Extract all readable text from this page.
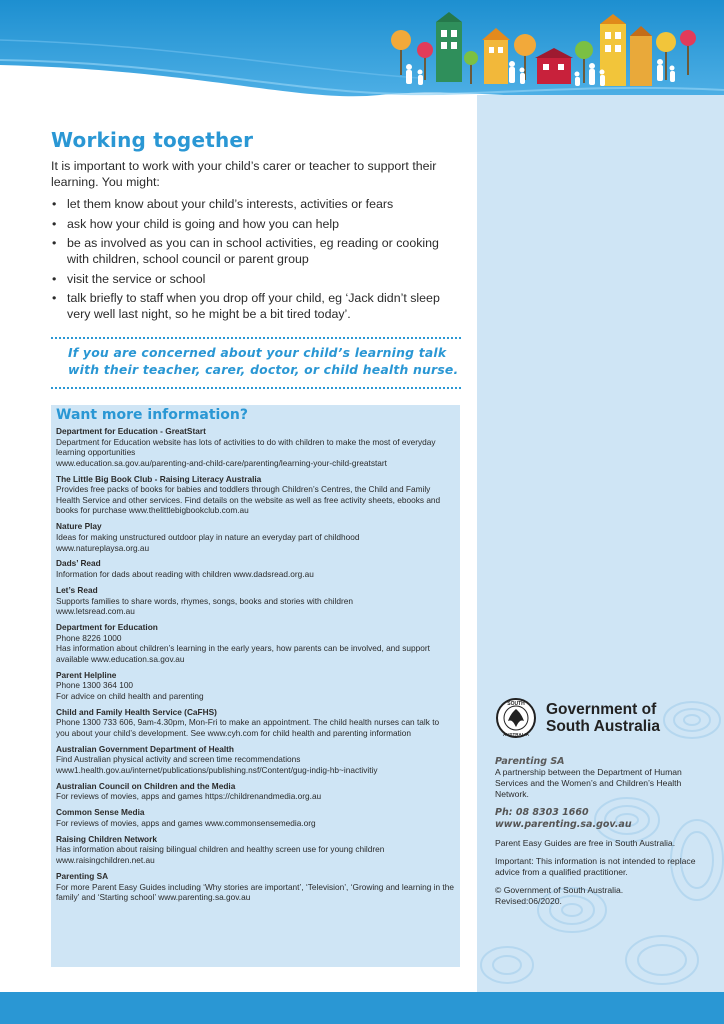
Working together

It is important to work with your child’s carer or teacher to support their learning. You might:

• let them know about your child’s interests, activities or fears
• ask how your child is going and how you can help
• be as involved as you can in school activities, eg reading or cooking with children, school council or parent group
• visit the service or school
• talk briefly to staff when you drop off your child, eg ‘Jack didn’t sleep very well last night, so he might be a bit tired today’.

If you are concerned about your child’s learning talk
with their teacher, carer, doctor, or child health nurse.

Want more information?
Department for Education - GreatStart
Department for Education website has lots of activities to do with children to make the most of everyday learning opportunities
www.education.sa.gov.au/parenting-and-child-care/parenting/learning-your-child-greatstart
The Little Big Book Club - Raising Literacy Australia
Provides free packs of books for babies and toddlers through Children’s Centres, the Child and Family Health Service and other services. Find details on the website as well as free activity sheets, ebooks and books for purchase www.thelittlebigbookclub.com.au
Nature Play
Ideas for making unstructured outdoor play in nature an everyday part of childhood
www.natureplaysa.org.au
Dads’ Read
Information for dads about reading with children www.dadsread.org.au
Let’s Read
Supports families to share words, rhymes, songs, books and stories with children
www.letsread.com.au
Department for Education
Phone 8226 1000
Has information about children’s learning in the early years, how parents can be involved, and support available www.education.sa.gov.au
Parent Helpline
Phone 1300 364 100
For advice on child health and parenting
Child and Family Health Service (CaFHS)
Phone 1300 733 606, 9am-4.30pm, Mon-Fri to make an appointment. The child health nurses can talk to you about your child’s development. See www.cyh.com for child health and parenting information
Australian Government Department of Health
Find Australian physical activity and screen time recommendations
www1.health.gov.au/internet/publications/publishing.nsf/Content/gug-indig-hb~inactivitiy
Australian Council on Children and the Media
For reviews of movies, apps and games https://childrenandmedia.org.au
Common Sense Media
For reviews of movies, apps and games www.commonsensemedia.org
Raising Children Network
Has information about raising bilingual children and healthy screen use for young children
www.raisingchildren.net.au
Parenting SA
For more Parent Easy Guides including ‘Why stories are important’, ‘Television’, ‘Growing and learning in the family’ and ‘Starting school’ www.parenting.sa.gov.au
SOUTH
AUSTRALIA
Government of
South Australia

Parenting SA
A partnership between the Department of Human Services and the Women’s and Children’s Health Network.

Ph: 08 8303 1660
www.parenting.sa.gov.au

Parent Easy Guides are free in South Australia.

Important: This information is not intended to replace advice from a qualified practitioner.

© Government of South Australia.
Revised:06/2020.
